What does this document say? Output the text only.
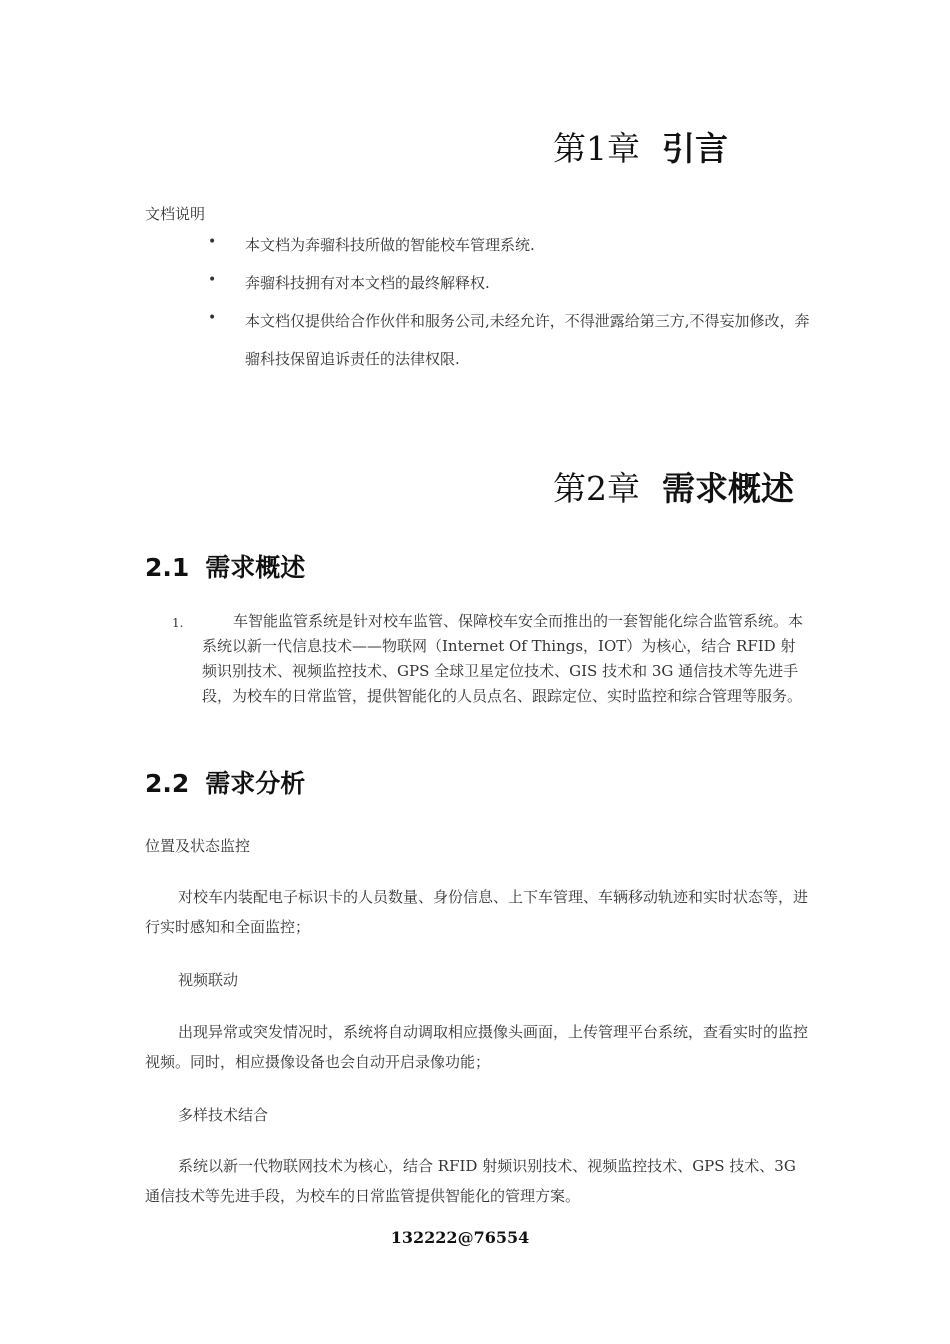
第1章 引言
文档说明
• 本文档为奔骝科技所做的智能校车管理系统.
• 奔骝科技拥有对本文档的最终解释权.
• 本文档仅提供给合作伙伴和服务公司,未经允许，不得泄露给第三方,不得妄加修改，奔骝科技保留追诉责任的法律权限.
第2章 需求概述
2.1 需求概述
1.	车智能监管系统是针对校车监管、保障校车安全而推出的一套智能化综合监管系统。本系统以新一代信息技术——物联网（Internet Of Things，IOT）为核心，结合 RFID 射频识别技术、视频监控技术、GPS 全球卫星定位技术、GIS 技术和 3G 通信技术等先进手段，为校车的日常监管，提供智能化的人员点名、跟踪定位、实时监控和综合管理等服务。
2.2 需求分析
位置及状态监控
对校车内装配电子标识卡的人员数量、身份信息、上下车管理、车辆移动轨迹和实时状态等，进行实时感知和全面监控；
视频联动
出现异常或突发情况时，系统将自动调取相应摄像头画面，上传管理平台系统，查看实时的监控视频。同时，相应摄像设备也会自动开启录像功能；
多样技术结合
系统以新一代物联网技术为核心，结合 RFID 射频识别技术、视频监控技术、GPS 技术、3G 通信技术等先进手段，为校车的日常监管提供智能化的管理方案。
132222@76554
